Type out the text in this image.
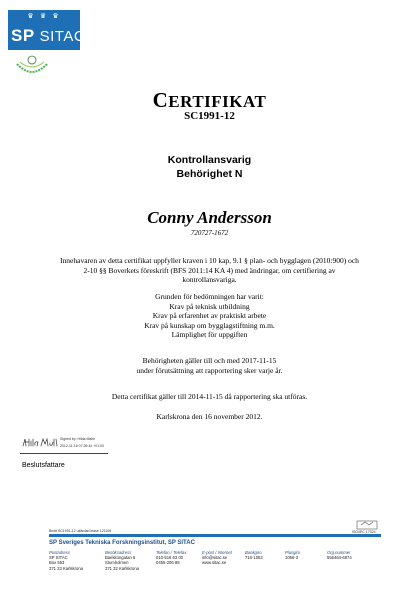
♛ ♛ ♛
SP SITAC
CERTIFIKAT
SC1991-12
Kontrollansvarig
Behörighet N
Conny Andersson
720727-1672
Innehavaren av detta certifikat uppfyller kraven i 10 kap, 9.1 § plan- och bygglagen (2010:900) och 2-10 §§ Boverkets föreskrift (BFS 2011:14 KA 4) med ändringar, om certifiering av kontrollansvariga.
Grunden för bedömningen har varit:
Krav på teknisk utbildning
Krav på erfarenhet av praktiskt arbete
Krav på kunskap om bygglagstiftning m.m.
Lämplighet för uppgiften
Behörigheten gäller till och med 2017-11-15
under förutsättning att rapportering sker varje år.
Detta certifikat gäller till 2014-11-15 då rapportering ska utföras.
Karlskrona den 16 november 2012.
Signed by: Hilda Malm
2012-11-16 07:26:44 +01:00
Beslutsfattare
Bmitt SC1991-12 utfärdad lease 121106	ISO/IEC 17024
SP Sveriges Tekniska Forskningsinstitut, SP SITAC
Postadress
SP SITAC
Box 553
371 23 Karlskrona
Besöksadress
Baekkongatan 6
Stumholmen
371 32 Karlskrona
Telefon / Telefax
010-516 63 00
0455-206 88
E-post / Internet
info@sitac.se
www.sitac.se
Bankgiro
716-1053
Plusgiro
1056-3
Org.nummer
556464-6874
